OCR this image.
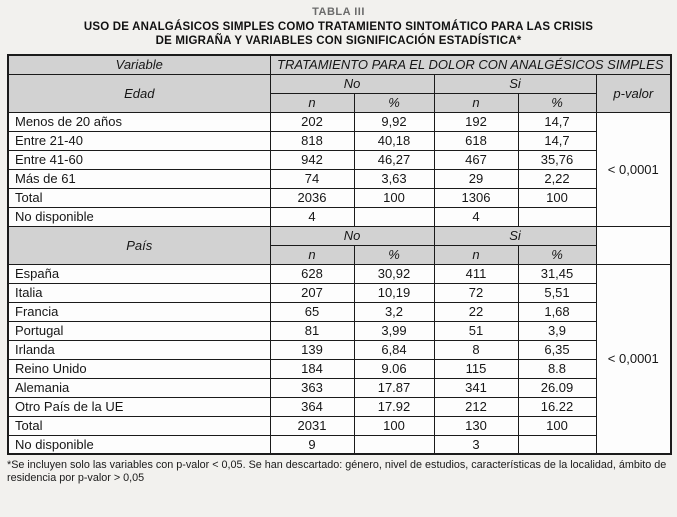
TABLA III
USO DE ANALGÁSICOS SIMPLES COMO TRATAMIENTO SINTOMÁTICO PARA LAS CRISIS
DE MIGRAÑA Y VARIABLES CON SIGNIFICACIÓN ESTADÍSTICA*
Variable	TRATAMIENTO PARA EL DOLOR CON ANALGÉSICOS SIMPLES				
Edad	No		Si		p-valor
	n	%	n	%	
Menos de 20 años	202	9,92	192	14,7	< 0,0001
Entre 21-40	818	40,18	618	14,7	
Entre 41-60	942	46,27	467	35,76	
Más de 61	74	3,63	29	2,22	
Total	2036	100	1306	100	
No disponible	4		4		
País	No		Si		
	n	%	n	%	
España	628	30,92	411	31,45	< 0,0001
Italia	207	10,19	72	5,51	
Francia	65	3,2	22	1,68	
Portugal	81	3,99	51	3,9	
Irlanda	139	6,84	8	6,35	
Reino Unido	184	9.06	115	8.8	
Alemania	363	17.87	341	26.09	
Otro País de la UE	364	17.92	212	16.22	
Total	2031	100	130	100	
No disponible	9		3		
*Se incluyen solo las variables con p-valor < 0,05. Se han descartado: género, nivel de estudios, características de la localidad, ámbito de residencia por p-valor > 0,05
